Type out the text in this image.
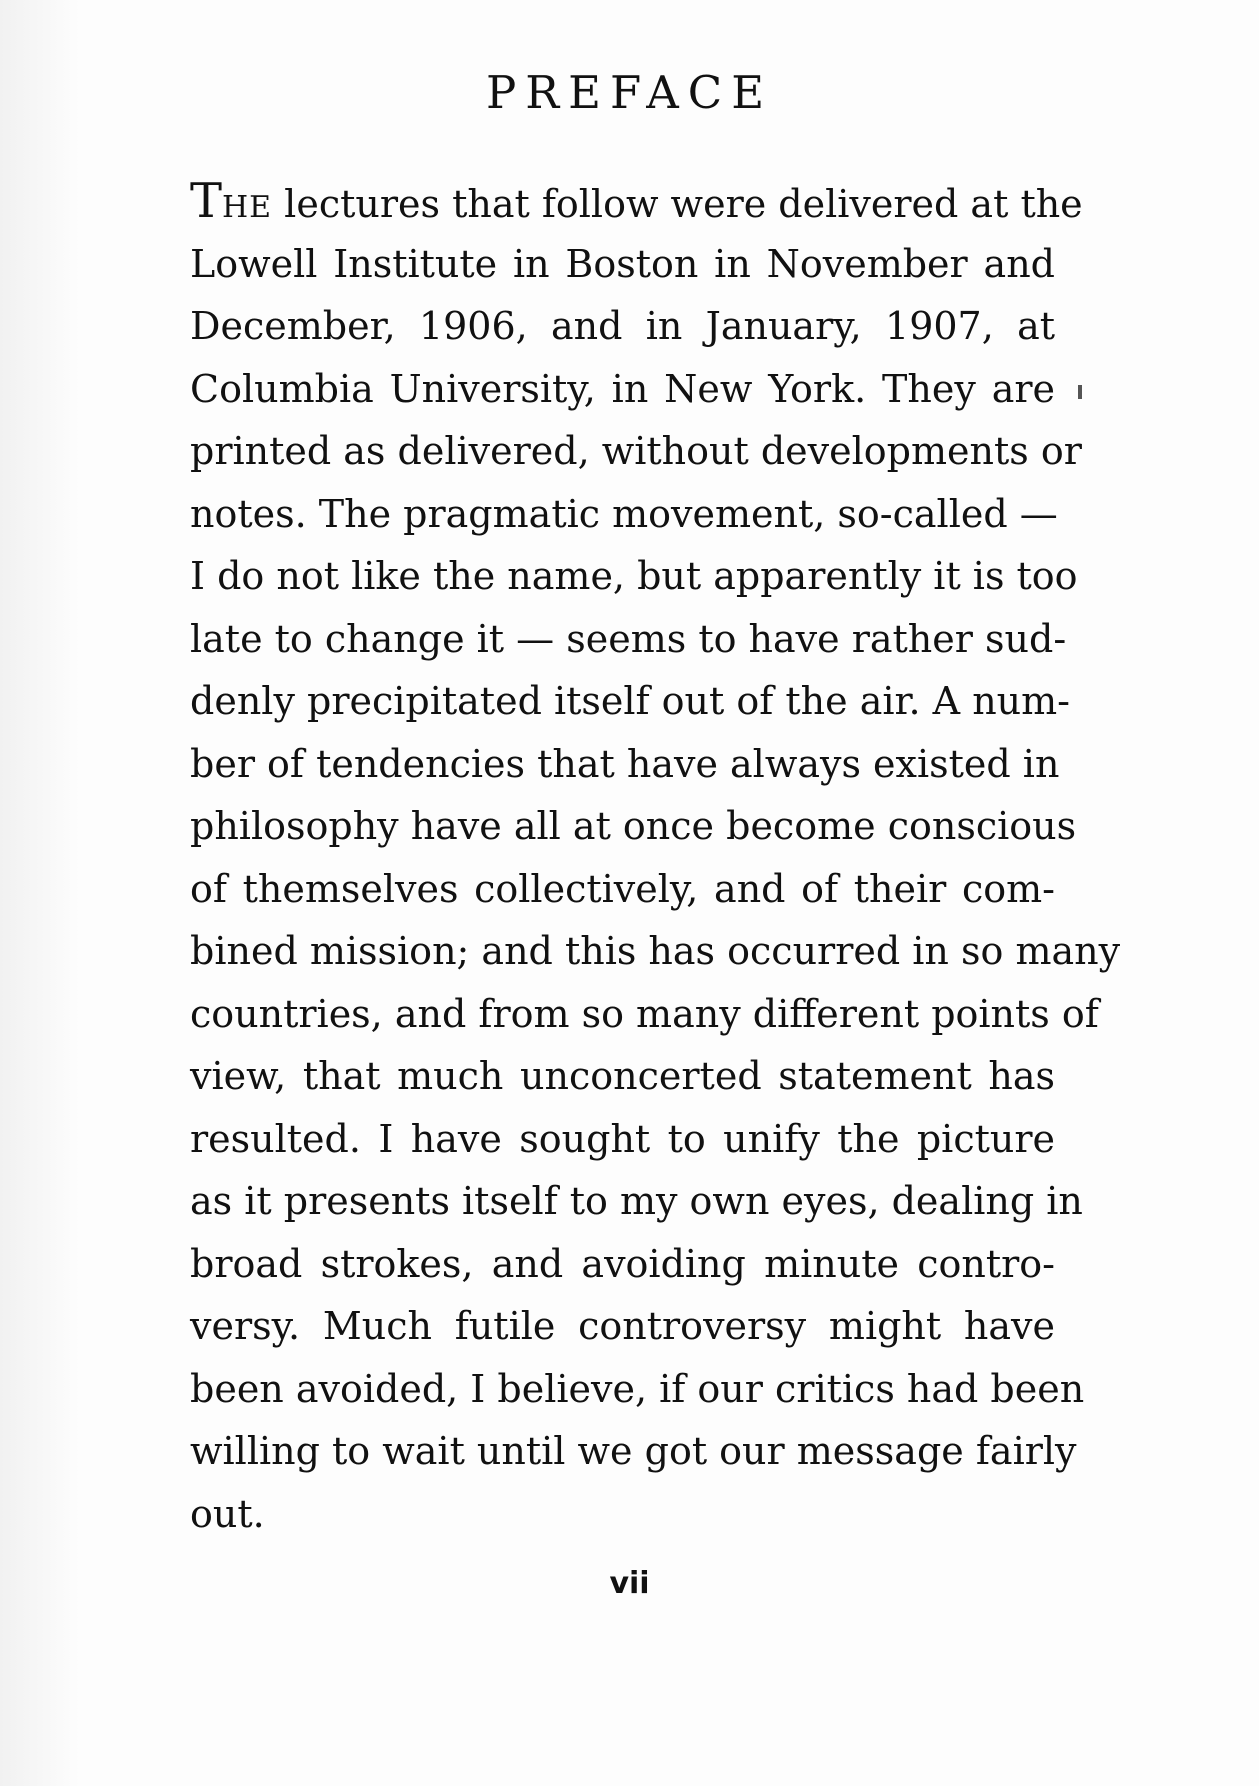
PREFACE
THE lectures that follow were delivered at the
Lowell Institute in Boston in November and
December, 1906, and in January, 1907, at
Columbia University, in New York. They are
printed as delivered, without developments or
notes. The pragmatic movement, so-called —
I do not like the name, but apparently it is too
late to change it — seems to have rather sud-
denly precipitated itself out of the air. A num-
ber of tendencies that have always existed in
philosophy have all at once become conscious
of themselves collectively, and of their com-
bined mission; and this has occurred in so many
countries, and from so many different points of
view, that much unconcerted statement has
resulted. I have sought to unify the picture
as it presents itself to my own eyes, dealing in
broad strokes, and avoiding minute contro-
versy. Much futile controversy might have
been avoided, I believe, if our critics had been
willing to wait until we got our message fairly
out.
vii
